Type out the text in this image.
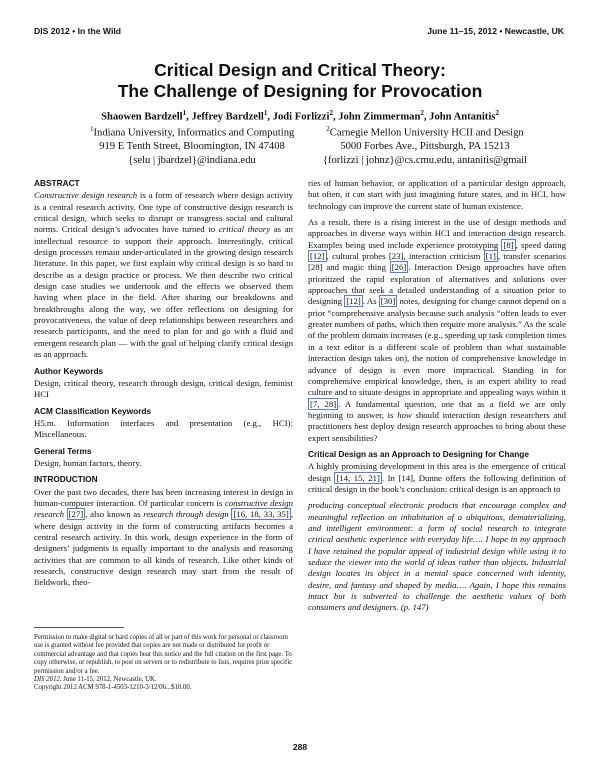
DIS 2012 • In the Wild	June 11–15, 2012 • Newcastle, UK
Critical Design and Critical Theory:
The Challenge of Designing for Provocation
Shaowen Bardzell$^1$, Jeffrey Bardzell$^1$, Jodi Forlizzi$^2$, John Zimmerman$^2$, John Antanitis$^2$
$^1$Indiana University, Informatics and Computing
919 E Tenth Street, Bloomington, IN 47408
{selu | jbardzel}@indiana.edu
$^2$Carnegie Mellon University HCII and Design
5000 Forbes Ave., Pittsburgh, PA 15213
{forlizzi | johnz}@cs.cmu.edu, antanitis@gmail
ABSTRACT

Constructive design research is a form of research where design activity is a central research activity. One type of constructive design research is critical design, which seeks to disrupt or transgress social and cultural norms. Critical design’s advocates have turned to critical theory as an intellectual resource to support their approach. Interestingly, critical design processes remain under-articulated in the growing design research literature. In this paper, we first explain why critical design is so hard to describe as a design practice or process. We then describe two critical design case studies we undertook and the effects we observed them having when place in the field. After sharing our breakdowns and breakthroughs along the way, we offer reflections on designing for provocativeness, the value of deep relationships between researchers and research participants, and the need to plan for and go with a fluid and emergent research plan — with the goal of helping clarify critical design as an approach.

Author Keywords

Design, critical theory, research through design, critical design, feminist HCI

ACM Classification Keywords

H5.m. Information interfaces and presentation (e.g., HCI): Miscellaneous.

General Terms

Design, human factors, theory.

INTRODUCTION

Over the past two decades, there has been increasing interest in design in human-computer interaction. Of particular concern is constructive design research [27] , also known as research through design [16, 18, 33, 35] , where design activity in the form of constructing artifacts becomes a central research activity. In this work, design experience in the form of designers’ judgments is equally important to the analysis and reasoning activities that are common to all kinds of research. Like other kinds of research, constructive design research may start from the result of fieldwork, theo-

Permission to make digital or hard copies of all or part of this work for personal or classroom use is granted without fee provided that copies are not made or distributed for profit or commercial advantage and that copies bear this notice and the full citation on the first page. To copy otherwise, or republish, to post on servers or to redistribute to lists, requires prior specific permission and/or a fee.

DIS 2012, June 11-15, 2012, Newcastle, UK.

Copyright 2012 ACM 978-1-4503-1210-3/12/06...$10.00.

ries of human behavior, or application of a particular design approach, but often, it can start with just imagining future states, and in HCI, how technology can improve the current state of human existence.

As a result, there is a rising interest in the use of design methods and approaches in diverse ways within HCI and interaction design research. Examples being used include experience prototyping [8] , speed dating [12] , cultural probes [23], interaction criticism [1] , transfer scenarios [28] and magic thing [26] . Interaction Design approaches have often prioritized the rapid exploration of alternatives and solutions over approaches that seek a detailed understanding of a situation prior to designing [12] . As [30] notes, designing for change cannot depend on a prior “comprehensive analysis because such analysis “often leads to ever greater numbers of paths, which then require more analysis.” As the scale of the problem domain increases (e.g., speeding up task completion times in a text editor is a different scale of problem than what sustainable interaction design takes on), the notion of comprehensive knowledge in advance of design is even more impractical. Standing in for comprehensive empirical knowledge, then, is an expert ability to read culture and to situate designs in appropriate and appealing ways within it [7, 28] . A fundamental question, one that as a field we are only beginning to answer, is how should interaction design researchers and practitioners best deploy design research approaches to bring about these expert sensibilities?

Critical Design as an Approach to Designing for Change

A highly promising development in this area is the emergence of critical design [14, 15, 21] . In [14], Dunne offers the following definition of critical design in the book’s conclusion: critical design is an approach to

producing conceptual electronic products that encourage complex and meaningful reflection on inhabitation of a ubiquitous, dematerializing, and intelligent environment: a form of social research to integrate critical aesthetic experience with everyday life…. I hope in my approach I have retained the popular appeal of industrial design while using it to seduce the viewer into the world of ideas rather than objects. Industrial design locates its object in a mental space concerned with identity, desire, and fantasy and shaped by media…. Again, I hope this remains intact but is subverted to challenge the aesthetic values of both consumers and designers. (p. 147)

288
